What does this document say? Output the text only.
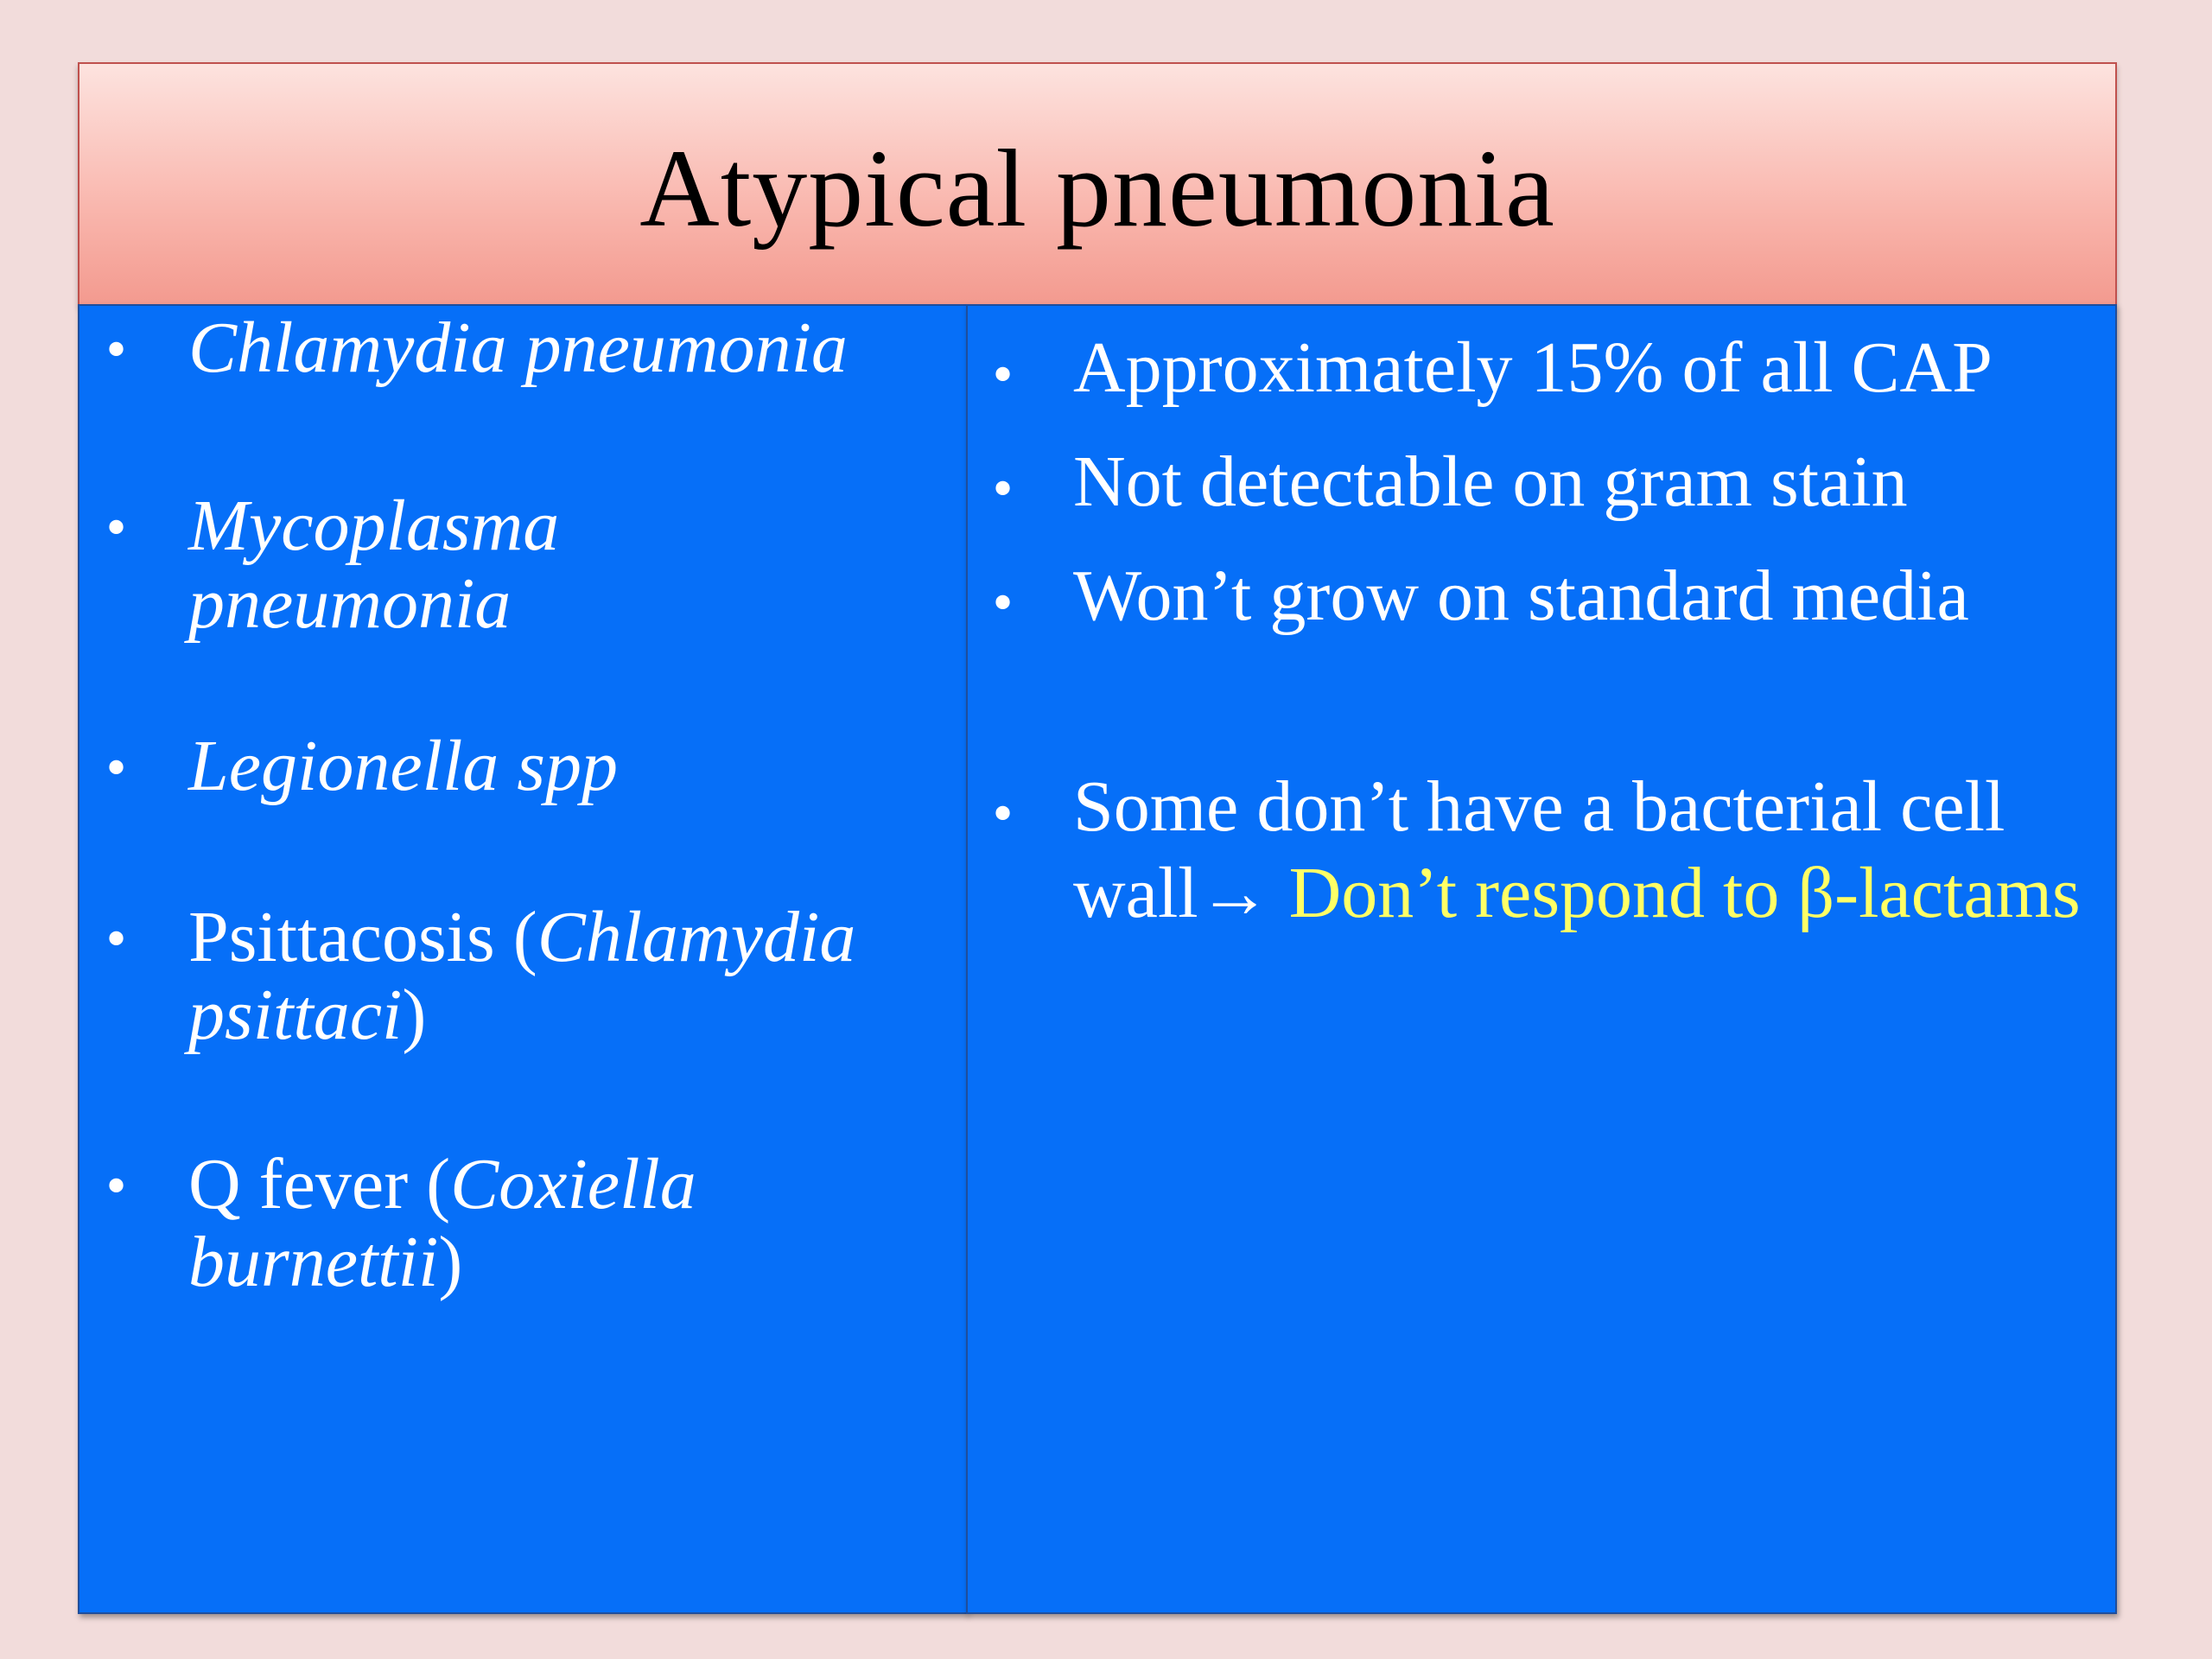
Atypical pneumonia
• Chlamydia pneumonia
• Mycoplasma pneumonia
• Legionella spp
• Psittacosis (Chlamydia psittaci)
• Q fever (Coxiella burnettii)
• Approximately 15% of all CAP
• Not detectable on gram stain
• Won’t grow on standard media
• Some don’t have a bacterial cell wall→ Don’t respond to β-lactams
